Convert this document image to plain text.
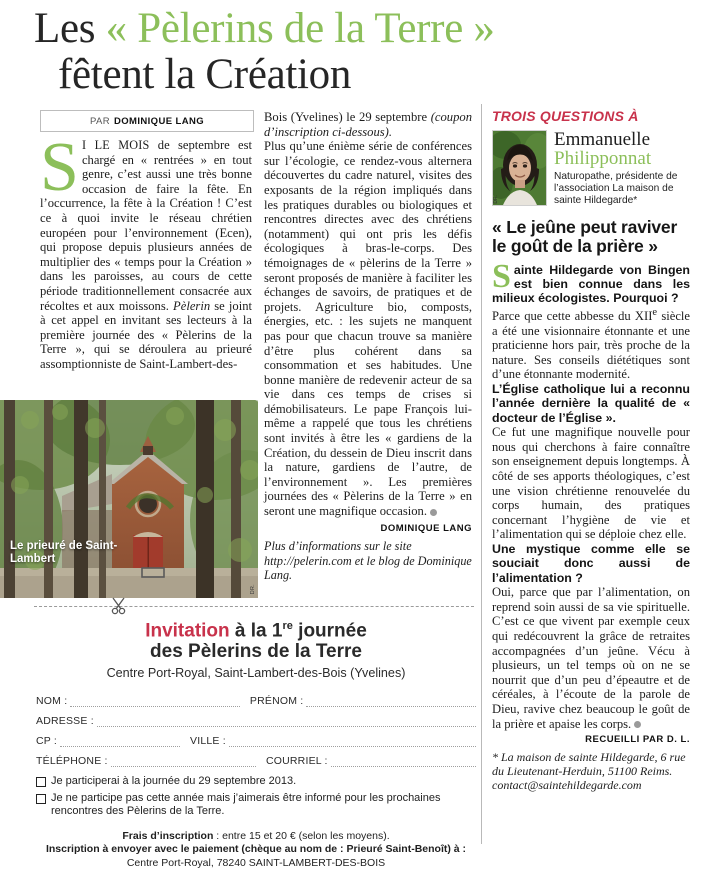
Les « Pèlerins de la Terre »
fêtent la Création
PAR DOMINIQUE LANG

S I LE MOIS de septembre est chargé en « rentrées » en tout genre, c’est aussi une très bonne occasion de faire la fête. En l’occurrence, la fête à la Création ! C’est ce à quoi invite le réseau chrétien européen pour l’environnement (Ecen), qui propose depuis plusieurs années de multiplier des « temps pour la Création » dans les paroisses, au cours de cette période traditionnellement consacrée aux récoltes et aux moissons. Pèlerin se joint à cet appel en invitant ses lecteurs à la première journée des « Pèlerins de la Terre », qui se déroulera au prieuré assomptionniste de Saint-Lambert-des-

Bois (Yvelines) le 29 septembre (coupon d’inscription ci-dessous).

Plus qu’une énième série de conférences sur l’écologie, ce rendez-vous alternera découvertes du cadre naturel, visites des exposants de la région impliqués dans les pratiques durables ou biologiques et rencontres directes avec des chrétiens (notamment) qui ont pris les défis écologiques à bras-le-corps. Des témoignages de « pèlerins de la Terre » seront proposés de manière à faciliter les échanges de savoirs, de pratiques et de projets. Agriculture bio, composts, énergies, etc. : les sujets ne manquent pas pour que chacun trouve sa manière d’être plus cohérent dans sa consommation et ses habitudes. Une bonne manière de redevenir acteur de sa vie dans ces temps de crises si démobilisateurs. Le pape François lui-même a rappelé que tous les chrétiens sont invités à être les « gardiens de la Création, du dessein de Dieu inscrit dans la nature, gardiens de l’autre, de l’environnement ». Les premières journées des « Pèlerins de la Terre » en seront une magnifique occasion.

DOMINIQUE LANG
Plus d’informations sur le site http://pelerin.com et le blog de Dominique Lang.
Le prieuré de Saint-Lambert
DR.
Invitation à la 1re journée
des Pèlerins de la Terre
Centre Port-Royal, Saint-Lambert-des-Bois (Yvelines)
NOM :	PRÉNOM :
ADRESSE :
CP :	VILLE :
TÉLÉPHONE :	COURRIEL :
Je participerai à la journée du 29 septembre 2013.
Je ne participe pas cette année mais j’aimerais être informé pour les prochaines rencontres des Pèlerins de la Terre.
Frais d’inscription : entre 15 et 20 € (selon les moyens).
Inscription à envoyer avec le paiement (chèque au nom de : Prieuré Saint-Benoît) à :
Centre Port-Royal, 78240 SAINT-LAMBERT-DES-BOIS
TROIS QUESTIONS À
DR.
Emmanuelle
Philipponnat
Naturopathe, présidente de l’association La maison de sainte Hildegarde*
« Le jeûne peut raviver le goût de la prière »

Sainte Hildegarde von Bingen est bien connue dans les milieux écologistes. Pourquoi ?

Parce que cette abbesse du XIIe siècle a été une visionnaire étonnante et une praticienne hors pair, très proche de la nature. Ses conseils diététiques sont d’une étonnante modernité.

L’Église catholique lui a reconnu l’année dernière la qualité de « docteur de l’Église ».

Ce fut une magnifique nouvelle pour nous qui cherchons à faire connaître son enseignement depuis longtemps. À côté de ses apports théologiques, c’est une vision chrétienne renouvelée du corps humain, des pratiques concernant l’hygiène de vie et l’alimentation qui se déploie chez elle.

Une mystique comme elle se souciait donc aussi de l’alimentation ?

Oui, parce que par l’alimentation, on reprend soin aussi de sa vie spirituelle. C’est ce que vivent par exemple ceux qui redécouvrent la grâce de retraites accompagnées d’un jeûne. Vécu à plusieurs, un tel temps où on ne se nourrit que d’un peu d’épeautre et de céréales, à l’écoute de la parole de Dieu, ravive chez beaucoup le goût de la prière et apaise les corps.

RECUEILLI PAR D. L.
* La maison de sainte Hildegarde, 6 rue du Lieutenant-Herduin, 51100 Reims. contact@saintehildegarde.com
